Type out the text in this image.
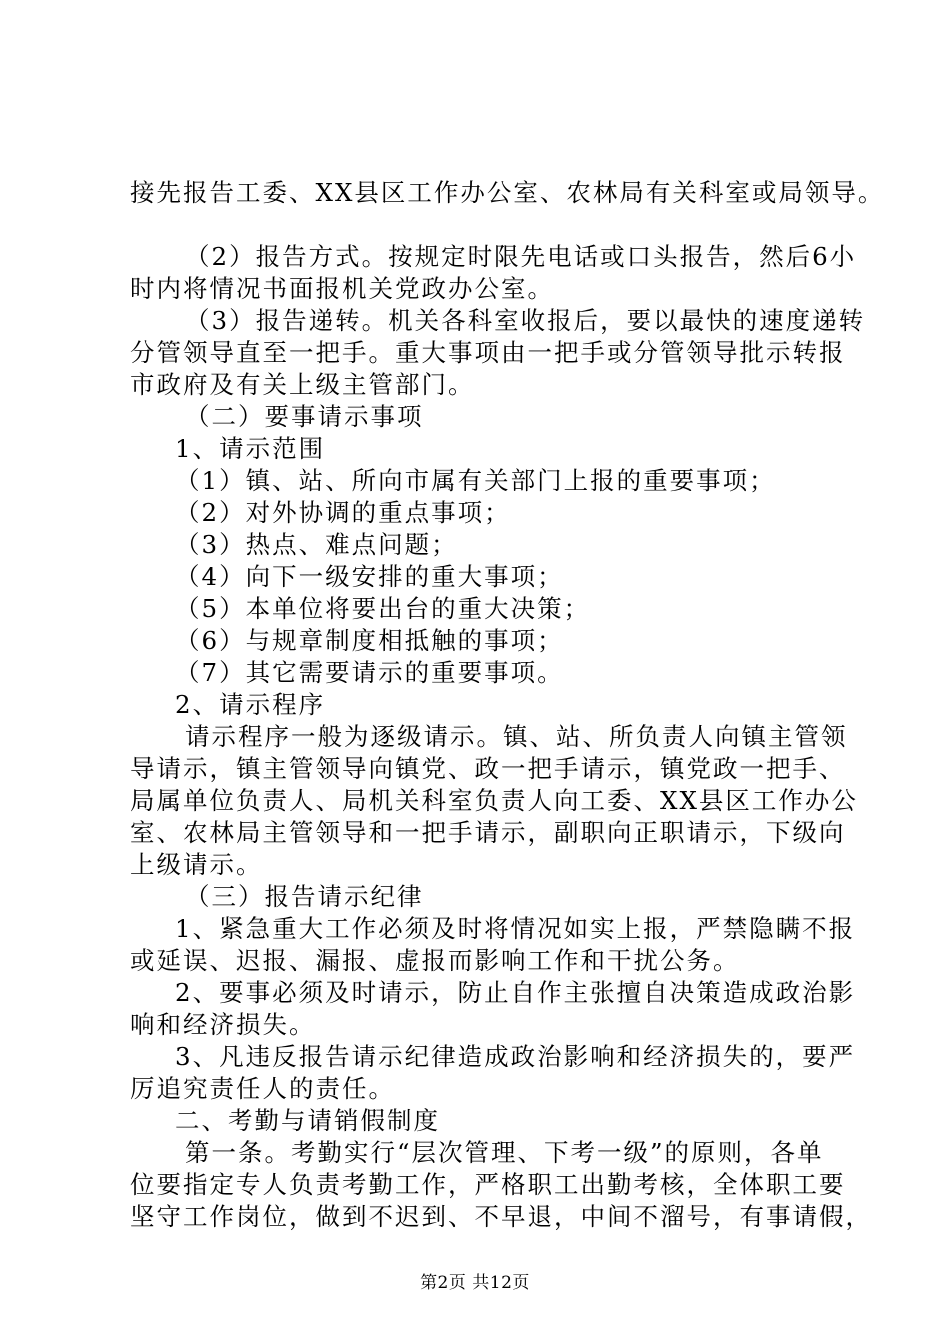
接先报告工委、XX县区工作办公室、农林局有关科室或局领导。

（2）报告方式。按规定时限先电话或口头报告，然后6小

时内将情况书面报机关党政办公室。

（3）报告递转。机关各科室收报后，要以最快的速度递转

分管领导直至一把手。重大事项由一把手或分管领导批示转报

市政府及有关上级主管部门。

（二）要事请示事项

1、请示范围

（1）镇、站、所向市属有关部门上报的重要事项；

（2）对外协调的重点事项；

（3）热点、难点问题；

（4）向下一级安排的重大事项；

（5）本单位将要出台的重大决策；

（6）与规章制度相抵触的事项；

（7）其它需要请示的重要事项。

2、请示程序

请示程序一般为逐级请示。镇、站、所负责人向镇主管领

导请示，镇主管领导向镇党、政一把手请示，镇党政一把手、

局属单位负责人、局机关科室负责人向工委、XX县区工作办公

室、农林局主管领导和一把手请示，副职向正职请示，下级向

上级请示。

（三）报告请示纪律

1、紧急重大工作必须及时将情况如实上报，严禁隐瞒不报

或延误、迟报、漏报、虚报而影响工作和干扰公务。

2、要事必须及时请示，防止自作主张擅自决策造成政治影

响和经济损失。

3、凡违反报告请示纪律造成政治影响和经济损失的，要严

厉追究责任人的责任。

二、考勤与请销假制度

第一条。考勤实行“层次管理、下考一级”的原则，各单

位要指定专人负责考勤工作，严格职工出勤考核，全体职工要

坚守工作岗位，做到不迟到、不早退，中间不溜号，有事请假，

第2页 共12页
